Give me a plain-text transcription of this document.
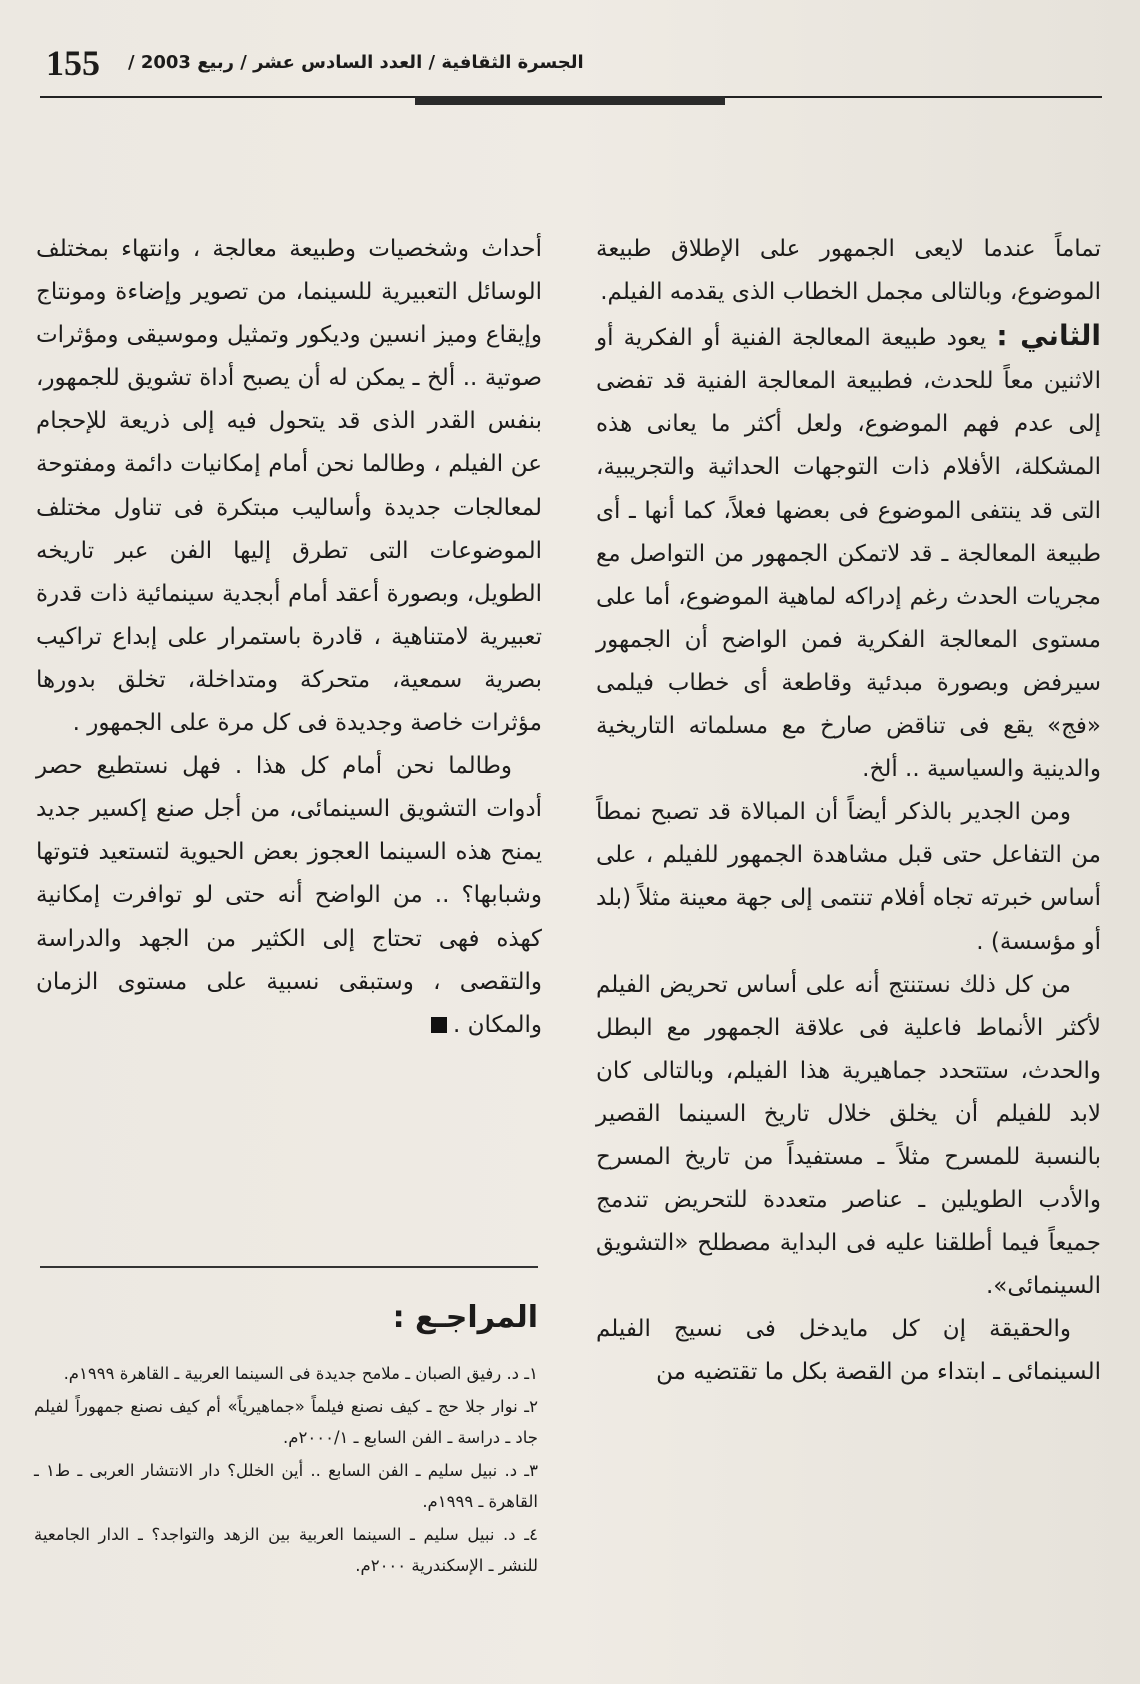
155 الجسرة الثقافية / العدد السادس عشر / ربيع 2003 /

تماماً عندما لايعى الجمهور على الإطلاق طبيعة الموضوع، وبالتالى مجمل الخطاب الذى يقدمه الفيلم.

الثاني : يعود طبيعة المعالجة الفنية أو الفكرية أو الاثنين معاً للحدث، فطبيعة المعالجة الفنية قد تفضى إلى عدم فهم الموضوع، ولعل أكثر ما يعانى هذه المشكلة، الأفلام ذات التوجهات الحداثية والتجريبية، التى قد ينتفى الموضوع فى بعضها فعلاً، كما أنها ـ أى طبيعة المعالجة ـ قد لاتمكن الجمهور من التواصل مع مجريات الحدث رغم إدراكه لماهية الموضوع، أما على مستوى المعالجة الفكرية فمن الواضح أن الجمهور سيرفض وبصورة مبدئية وقاطعة أى خطاب فيلمى «فج» يقع فى تناقض صارخ مع مسلماته التاريخية والدينية والسياسية .. ألخ.

ومن الجدير بالذكر أيضاً أن المبالاة قد تصبح نمطاً من التفاعل حتى قبل مشاهدة الجمهور للفيلم ، على أساس خبرته تجاه أفلام تنتمى إلى جهة معينة مثلاً (بلد أو مؤسسة) .

من كل ذلك نستنتج أنه على أساس تحريض الفيلم لأكثر الأنماط فاعلية فى علاقة الجمهور مع البطل والحدث، ستتحدد جماهيرية هذا الفيلم، وبالتالى كان لابد للفيلم أن يخلق خلال تاريخ السينما القصير بالنسبة للمسرح مثلاً ـ مستفيداً من تاريخ المسرح والأدب الطويلين ـ عناصر متعددة للتحريض تندمج جميعاً فيما أطلقنا عليه فى البداية مصطلح «التشويق السينمائى».

والحقيقة إن كل مايدخل فى نسيج الفيلم السينمائى ـ ابتداء من القصة بكل ما تقتضيه من

أحداث وشخصيات وطبيعة معالجة ، وانتهاء بمختلف الوسائل التعبيرية للسينما، من تصوير وإضاءة ومونتاج وإيقاع وميز انسين وديكور وتمثيل وموسيقى ومؤثرات صوتية .. ألخ ـ يمكن له أن يصبح أداة تشويق للجمهور، بنفس القدر الذى قد يتحول فيه إلى ذريعة للإحجام عن الفيلم ، وطالما نحن أمام إمكانيات دائمة ومفتوحة لمعالجات جديدة وأساليب مبتكرة فى تناول مختلف الموضوعات التى تطرق إليها الفن عبر تاريخه الطويل، وبصورة أعقد أمام أبجدية سينمائية ذات قدرة تعبيرية لامتناهية ، قادرة باستمرار على إبداع تراكيب بصرية سمعية، متحركة ومتداخلة، تخلق بدورها مؤثرات خاصة وجديدة فى كل مرة على الجمهور .

وطالما نحن أمام كل هذا . فهل نستطيع حصر أدوات التشويق السينمائى، من أجل صنع إكسير جديد يمنح هذه السينما العجوز بعض الحيوية لتستعيد فتوتها وشبابها؟ .. من الواضح أنه حتى لو توافرت إمكانية كهذه فهى تحتاج إلى الكثير من الجهد والدراسة والتقصى ، وستبقى نسبية على مستوى الزمان والمكان .

المراجـع :
١ـ د. رفيق الصبان ـ ملامح جديدة فى السينما العربية ـ القاهرة ١٩٩٩م.
٢ـ نوار جلا حج ـ كيف نصنع فيلماً «جماهيرياً» أم كيف نصنع جمهوراً لفيلم جاد ـ دراسة ـ الفن السابع ـ ٢٠٠٠/١م.
٣ـ د. نبيل سليم ـ الفن السابع .. أين الخلل؟ دار الانتشار العربى ـ ط١ ـ القاهرة ـ ١٩٩٩م.
٤ـ د. نبيل سليم ـ السينما العربية بين الزهد والتواجد؟ ـ الدار الجامعية للنشر ـ الإسكندرية ٢٠٠٠م.
